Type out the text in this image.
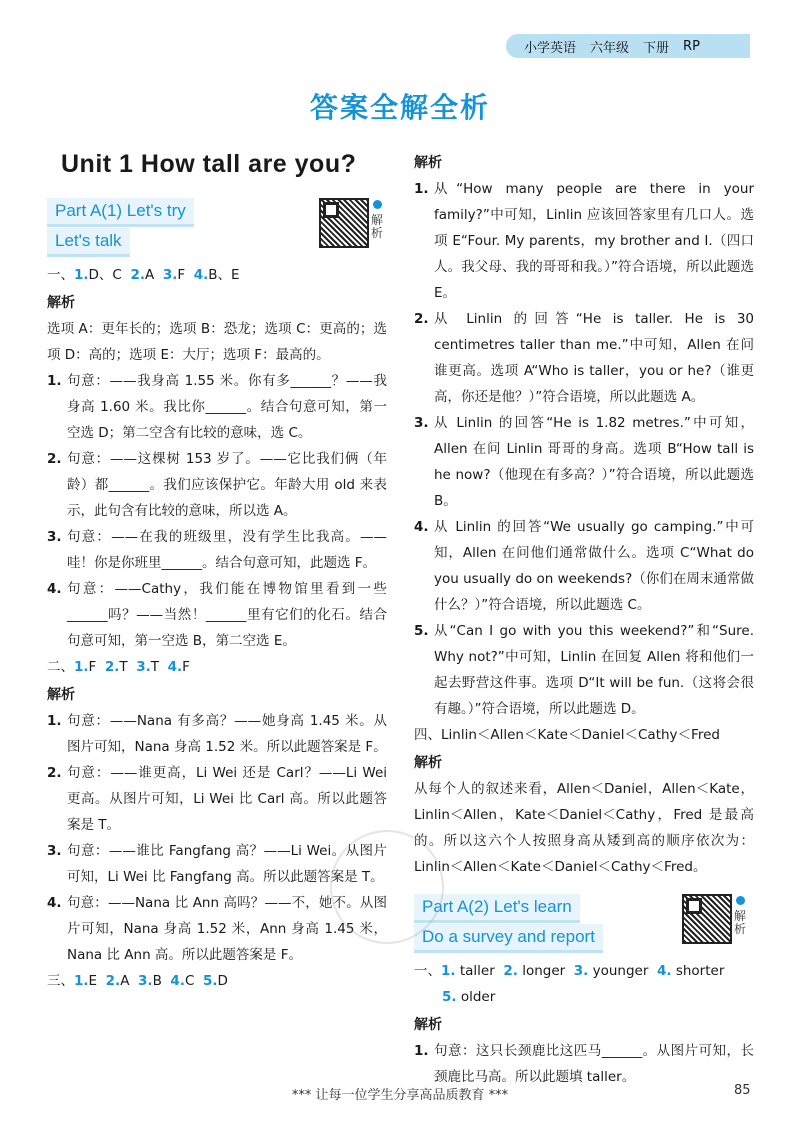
小学英语 六年级 下册 RP
答案全解全析
Unit 1 How tall are you?
Part A(1) Let's try
Let's talk
解析
一、1.D、C 2.A 3.F 4.B、E
解析
选项 A：更年长的；选项 B：恐龙；选项 C：更高的；选项 D：高的；选项 E：大厅；选项 F：最高的。
1. 句意：——我身高 1.55 米。你有多______？——我身高 1.60 米。我比你______。结合句意可知，第一空选 D；第二空含有比较的意味，选 C。
2. 句意：——这棵树 153 岁了。——它比我们俩（年龄）都______。我们应该保护它。年龄大用 old 来表示，此句含有比较的意味，所以选 A。
3. 句意：——在我的班级里，没有学生比我高。——哇！你是你班里______。结合句意可知，此题选 F。
4. 句意：——Cathy，我们能在博物馆里看到一些______吗？——当然！______里有它们的化石。结合句意可知，第一空选 B，第二空选 E。
二、1.F 2.T 3.T 4.F
解析
1. 句意：——Nana 有多高？——她身高 1.45 米。从图片可知，Nana 身高 1.52 米。所以此题答案是 F。
2. 句意：——谁更高，Li Wei 还是 Carl？——Li Wei 更高。从图片可知，Li Wei 比 Carl 高。所以此题答案是 T。
3. 句意：——谁比 Fangfang 高？——Li Wei。从图片可知，Li Wei 比 Fangfang 高。所以此题答案是 T。
4. 句意：——Nana 比 Ann 高吗？——不，她不。从图片可知，Nana 身高 1.52 米，Ann 身高 1.45 米，Nana 比 Ann 高。所以此题答案是 F。
三、1.E 2.A 3.B 4.C 5.D
解析
1. 从“How many people are there in your family?”中可知，Linlin 应该回答家里有几口人。选项 E“Four. My parents，my brother and I.（四口人。我父母、我的哥哥和我。）”符合语境，所以此题选 E。
2. 从 Linlin 的回答“He is taller. He is 30 centimetres taller than me.”中可知，Allen 在问谁更高。选项 A“Who is taller，you or he?（谁更高，你还是他？）”符合语境，所以此题选 A。
3. 从 Linlin 的回答“He is 1.82 metres.”中可知，Allen 在问 Linlin 哥哥的身高。选项 B“How tall is he now?（他现在有多高？）”符合语境，所以此题选 B。
4. 从 Linlin 的回答“We usually go camping.”中可知，Allen 在问他们通常做什么。选项 C“What do you usually do on weekends?（你们在周末通常做什么？）”符合语境，所以此题选 C。
5. 从“Can I go with you this weekend?”和“Sure. Why not?”中可知，Linlin 在回复 Allen 将和他们一起去野营这件事。选项 D“It will be fun.（这将会很有趣。）”符合语境，所以此题选 D。
四、Linlin＜Allen＜Kate＜Daniel＜Cathy＜Fred
解析
从每个人的叙述来看，Allen＜Daniel，Allen＜Kate，Linlin＜Allen，Kate＜Daniel＜Cathy，Fred 是最高的。所以这六个人按照身高从矮到高的顺序依次为：Linlin＜Allen＜Kate＜Daniel＜Cathy＜Fred。
Part A(2) Let's learn
Do a survey and report
解析
一、1. taller 2. longer 3. younger 4. shorter
5. older
解析
1. 句意：这只长颈鹿比这匹马______。从图片可知，长颈鹿比马高。所以此题填 taller。
*** 让每一位学生分享高品质教育 ***	85
